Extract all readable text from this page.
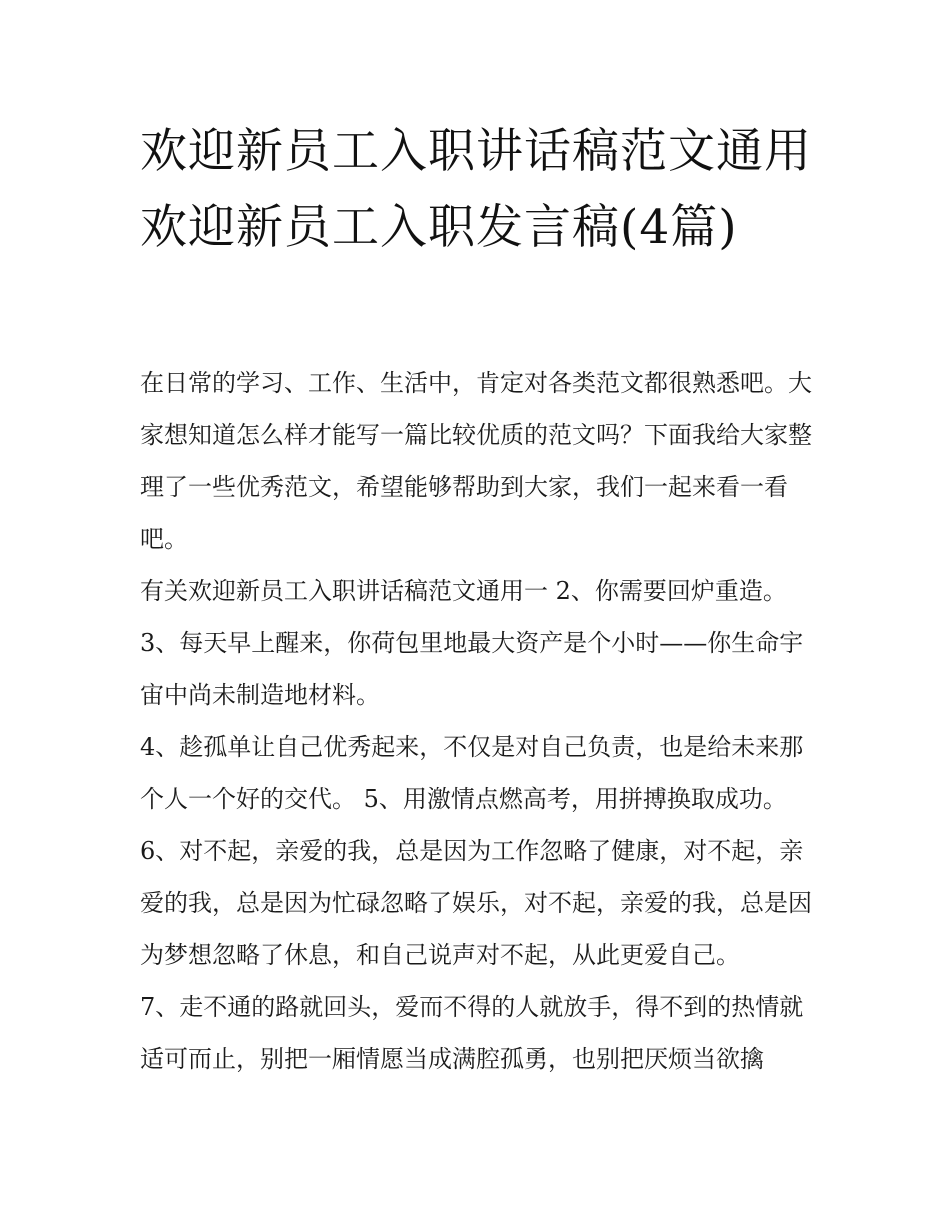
欢迎新员工入职讲话稿范文通用 欢迎新员工入职发言稿(4篇)

在日常的学习、工作、生活中，肯定对各类范文都很熟悉吧。大家想知道怎么样才能写一篇比较优质的范文吗？下面我给大家整理了一些优秀范文，希望能够帮助到大家，我们一起来看一看吧。

有关欢迎新员工入职讲话稿范文通用一 2、你需要回炉重造。

3、每天早上醒来，你荷包里地最大资产是个小时——你生命宇宙中尚未制造地材料。

4、趁孤单让自己优秀起来，不仅是对自己负责，也是给未来那个人一个好的交代。 5、用激情点燃高考，用拼搏换取成功。

6、对不起，亲爱的我，总是因为工作忽略了健康，对不起，亲爱的我，总是因为忙碌忽略了娱乐，对不起，亲爱的我，总是因为梦想忽略了休息，和自己说声对不起，从此更爱自己。

7、走不通的路就回头，爱而不得的人就放手，得不到的热情就适可而止，别把一厢情愿当成满腔孤勇，也别把厌烦当欲擒
